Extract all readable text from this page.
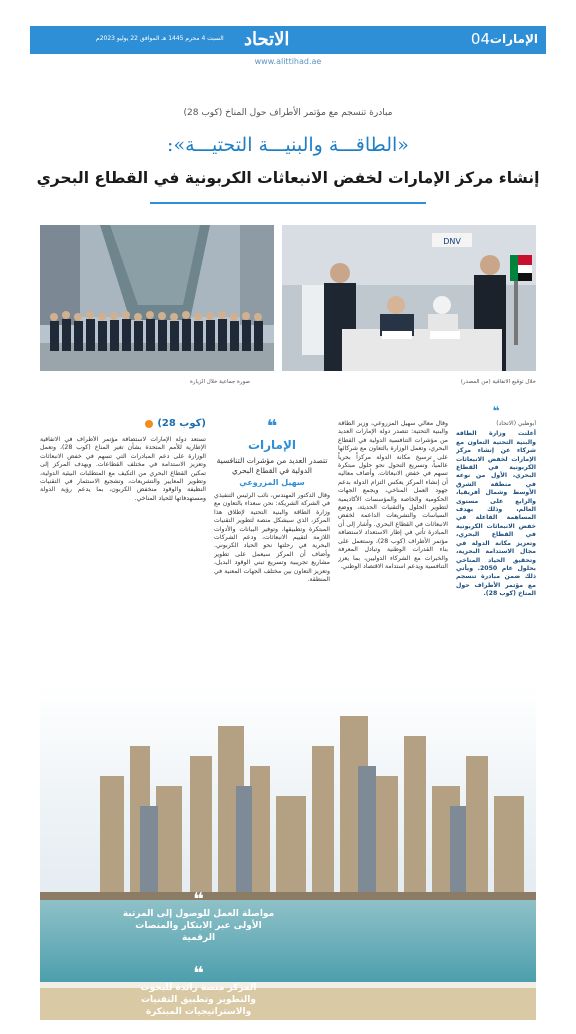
الإمارات
04
الاتحاد
السبت 4 محرم 1445 هـ الموافق 22 يوليو 2023م
www.alittihad.ae
مبادرة تنسجم مع مؤتمر الأطراف حول المناخ (كوب 28)
«الطاقـــة والبنيـــة التحتيـــة»:
إنشاء مركز الإمارات لخفض الانبعاثات الكربونية في القطاع البحري
DNV
خلال توقيع الاتفاقية (من المصدر)
صورة جماعية خلال الزيارة
أبوظبي (الاتحاد)
أعلنت وزارة الطاقة والبنية التحتية التعاون مع شركاء عن إنشاء مركز الإمارات لخفض الانبعاثات الكربونية في القطاع البحري، الأول من نوعه في منطقة الشرق الأوسط وشمال أفريقيا، والرابع على مستوى العالم، وذلك بهدف المساهمة الفاعلة في خفض الانبعاثات الكربونية في القطاع البحري، وتعزيز مكانة الدولة في مجال الاستدامة البحرية، وتحقيق الحياد المناخي بحلول عام 2050. ويأتي ذلك ضمن مبادرة تنسجم مع مؤتمر الأطراف حول المناخ (كوب 28).
❝
وقال معالي سهيل المزروعي، وزير الطاقة والبنية التحتية: تتصدر دولة الإمارات العديد من مؤشرات التنافسية الدولية في القطاع البحري، وتعمل الوزارة بالتعاون مع شركائها على ترسيخ مكانة الدولة مركزاً بحرياً عالمياً، وتسريع التحول نحو حلول مبتكرة تسهم في خفض الانبعاثات. وأضاف معاليه أن إنشاء المركز يعكس التزام الدولة بدعم جهود العمل المناخي، ويجمع الجهات الحكومية والخاصة والمؤسسات الأكاديمية لتطوير الحلول والتقنيات الحديثة، ووضع السياسات والتشريعات الداعمة لخفض الانبعاثات في القطاع البحري. وأشار إلى أن المبادرة تأتي في إطار الاستعداد لاستضافة مؤتمر الأطراف (كوب 28)، وستعمل على بناء القدرات الوطنية وتبادل المعرفة والخبرات مع الشركاء الدوليين، بما يعزز التنافسية ويدعم استدامة الاقتصاد الوطني.
❝
الإمارات
تتصدر العديد من مؤشرات التنافسية الدولية في القطاع البحري
سهيل المزروعي
وقال الدكتور المهندس، نائب الرئيس التنفيذي في الشركة الشريكة: نحن سعداء بالتعاون مع وزارة الطاقة والبنية التحتية لإطلاق هذا المركز، الذي سيشكل منصة لتطوير التقنيات المبتكرة وتطبيقها، وتوفير البيانات والأدوات اللازمة لتقييم الانبعاثات، ودعم الشركات البحرية في رحلتها نحو الحياد الكربوني. وأضاف أن المركز سيعمل على تطوير مشاريع تجريبية وتسريع تبني الوقود البديل، وتعزيز التعاون بين مختلف الجهات المعنية في المنطقة.
(كوب 28)
تستعد دولة الإمارات لاستضافة مؤتمر الأطراف في الاتفاقية الإطارية للأمم المتحدة بشأن تغير المناخ (كوب 28)، وتعمل الوزارة على دعم المبادرات التي تسهم في خفض الانبعاثات وتعزيز الاستدامة في مختلف القطاعات. ويهدف المركز إلى تمكين القطاع البحري من التكيف مع المتطلبات البيئية الدولية، وتطوير المعايير والتشريعات، وتشجيع الاستثمار في التقنيات النظيفة والوقود منخفض الكربون، بما يدعم رؤية الدولة ومستهدفاتها للحياد المناخي.
❝
مواصلة العمل للوصول إلى المرتبة الأولى عبر الابتكار والمنصات الرقمية
❝
المركز منصة رائدة للبحوث والتطوير وتطبيق التقنيات والاستراتيجيات المبتكرة
